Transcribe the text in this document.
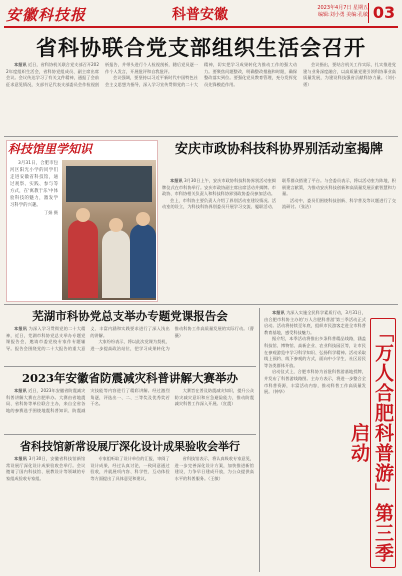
安徽科技报	科普安徽	2023年4月7日 星期五
编辑:刘小勇 美编:孔敏 03
省科协联合党支部组织生活会召开

本报讯 近日，省科协机关联合党支部召开2022年度组织生活会，省科协党组成员、副主席出席会议。会议传达学习了有关文件精神，通报了会前征求意见情况，支部书记代表支部委员会作检视剖析报告，并带头进行个人检视剖析，随后党员逐一作个人发言，开展批评和自我批评。

会议强调，要坚持以习近平新时代中国特色社会主义思想为指导，深入学习宣传贯彻党的二十大精神，切实把学习成果转化为推动工作的强大动力。要聚焦问题整改，明确整改措施和时限，确保整改落实到位。要强化党员教育管理，充分发挥党员先锋模范作用。

会议指出，要结合机关工作实际，扎实推进党建与业务深度融合，以高质量党建引领科协事业高质量发展，为建设科技强省贡献科协力量。（刘小勇）

科技馆里学知识

3月31日，合肥市包河区阳光小学的同学们走进安徽省科技馆，通过观察、实践、参与等方式，在'寓教于乐'中体验科技的魅力，激发学习科学的兴趣。

丁娟 摄
安庆市政协科技科协界别活动室揭牌

本报讯 3月30日上午，安庆市政协科技科协界别活动室揭牌仪式在市科协举行。安庆市政协副主席出席活动并揭牌。市政协、市科协相关负责人和科技科协界别政协委员参加活动。

会上，市科协主要负责人介绍了界别活动室建设情况。活动室的设立，为科技科协界别委员开展学习交流、履职活动、联系群众搭建了平台。与会委员表示，将以活动室为阵地，积极建言献策，为推动安庆科技创新和高质量发展贡献智慧和力量。

活动中，委员们围绕科技创新、科学普及等议题进行了交流研讨。（张洁）

芜湖市科协党总支举办专题党课报告会

本报讯 为深入学习贯彻党的二十大精神，近日，芜湖市科协党总支举办专题党课报告会，邀请市委党校专家作专题辅导。报告会围绕党的二十大报告的重大意义、丰富内涵和实践要求进行了深入浅出的讲解。

大家纷纷表示，将以此次党课为契机，进一步提高政治站位，把学习成果转化为推动科协工作高质量发展的实际行动。（曹薇）

2023年安徽省防震减灾科普讲解大赛举办

本报讯 近日，2023年安徽省防震减灾科普讲解大赛在合肥举办。大赛由省地震局、省科协等单位联合主办，来自全省各地的参赛选手围绕地震科普知识、防震减灾技能等内容进行了精彩讲解。经过激烈角逐，评选出一、二、三等奖及优秀奖若干名。

大赛旨在普及防震减灾知识，提升公众防灾减灾意识和应急避险能力，推动防震减灾科普工作深入开展。（宣震）

省科技馆新常设展厅深化设计成果验收会举行

本报讯 3月30日，安徽省科技馆新馆常设展厅深化设计成果验收会举行。会议邀请了国内科技馆、展教设计等领域的专家组成验收专家组。

专家组听取了设计单位的汇报，审阅了设计成果，经过认真讨论，一致同意通过验收，并就展项内容、科学性、互动体验等方面提出了具体意见和建议。

省科技馆表示，将认真吸收专家意见，进一步完善深化设计方案，加快推进新馆建设，力争早日建成开放，为公众提供高水平的科普服务。（王敏）

本报讯 为深入实施全民科学素质行动，3月31日，由合肥市科协主办的'万人合肥科普游'第三季活动正式启动。活动将持续至年底，组织市民游客走进全市科普教育基地，感受科技魅力。

据介绍，本季活动将推出多条科普精品线路，涵盖科技馆、博物馆、高新企业、农业科技园区等，让市民在参观游览中学习科学知识、弘扬科学精神。活动采取线上预约、线下参观的方式，面向中小学生、社区居民等各类群体开放。

启动仪式上，合肥市科协为首批科普游基地授牌，并发布了科普游线路图。主办方表示，将进一步整合全市科普资源，丰富活动内容，推动科普工作高质量发展。（钟华）	「万人合肥科普游」第三季启动
